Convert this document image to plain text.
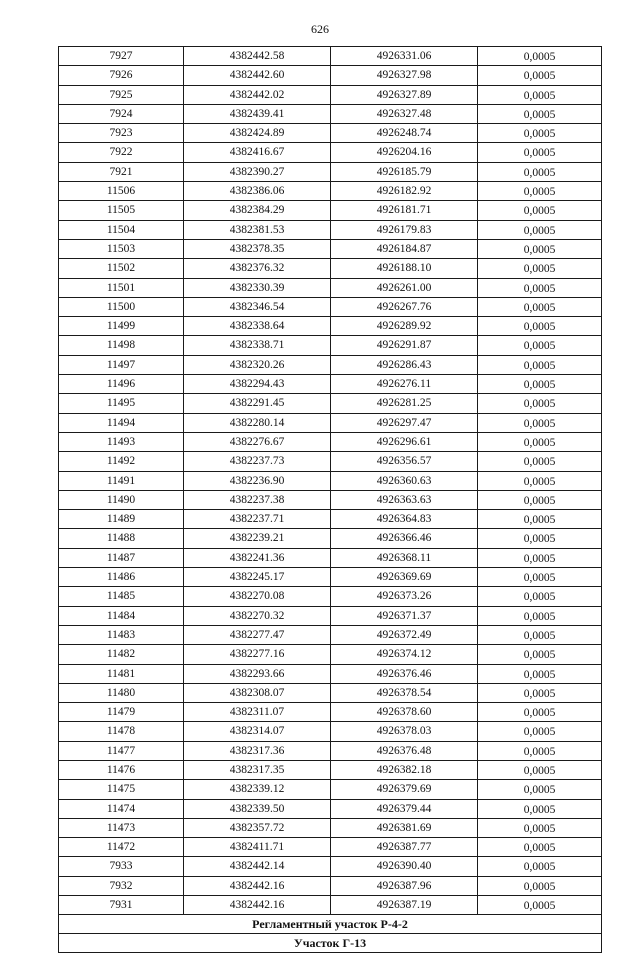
626
7927	4382442.58	4926331.06	0,0005
7926	4382442.60	4926327.98	0,0005
7925	4382442.02	4926327.89	0,0005
7924	4382439.41	4926327.48	0,0005
7923	4382424.89	4926248.74	0,0005
7922	4382416.67	4926204.16	0,0005
7921	4382390.27	4926185.79	0,0005
11506	4382386.06	4926182.92	0,0005
11505	4382384.29	4926181.71	0,0005
11504	4382381.53	4926179.83	0,0005
11503	4382378.35	4926184.87	0,0005
11502	4382376.32	4926188.10	0,0005
11501	4382330.39	4926261.00	0,0005
11500	4382346.54	4926267.76	0,0005
11499	4382338.64	4926289.92	0,0005
11498	4382338.71	4926291.87	0,0005
11497	4382320.26	4926286.43	0,0005
11496	4382294.43	4926276.11	0,0005
11495	4382291.45	4926281.25	0,0005
11494	4382280.14	4926297.47	0,0005
11493	4382276.67	4926296.61	0,0005
11492	4382237.73	4926356.57	0,0005
11491	4382236.90	4926360.63	0,0005
11490	4382237.38	4926363.63	0,0005
11489	4382237.71	4926364.83	0,0005
11488	4382239.21	4926366.46	0,0005
11487	4382241.36	4926368.11	0,0005
11486	4382245.17	4926369.69	0,0005
11485	4382270.08	4926373.26	0,0005
11484	4382270.32	4926371.37	0,0005
11483	4382277.47	4926372.49	0,0005
11482	4382277.16	4926374.12	0,0005
11481	4382293.66	4926376.46	0,0005
11480	4382308.07	4926378.54	0,0005
11479	4382311.07	4926378.60	0,0005
11478	4382314.07	4926378.03	0,0005
11477	4382317.36	4926376.48	0,0005
11476	4382317.35	4926382.18	0,0005
11475	4382339.12	4926379.69	0,0005
11474	4382339.50	4926379.44	0,0005
11473	4382357.72	4926381.69	0,0005
11472	4382411.71	4926387.77	0,0005
7933	4382442.14	4926390.40	0,0005
7932	4382442.16	4926387.96	0,0005
7931	4382442.16	4926387.19	0,0005
Регламентный участок Р-4-2			
Участок Г-13			
